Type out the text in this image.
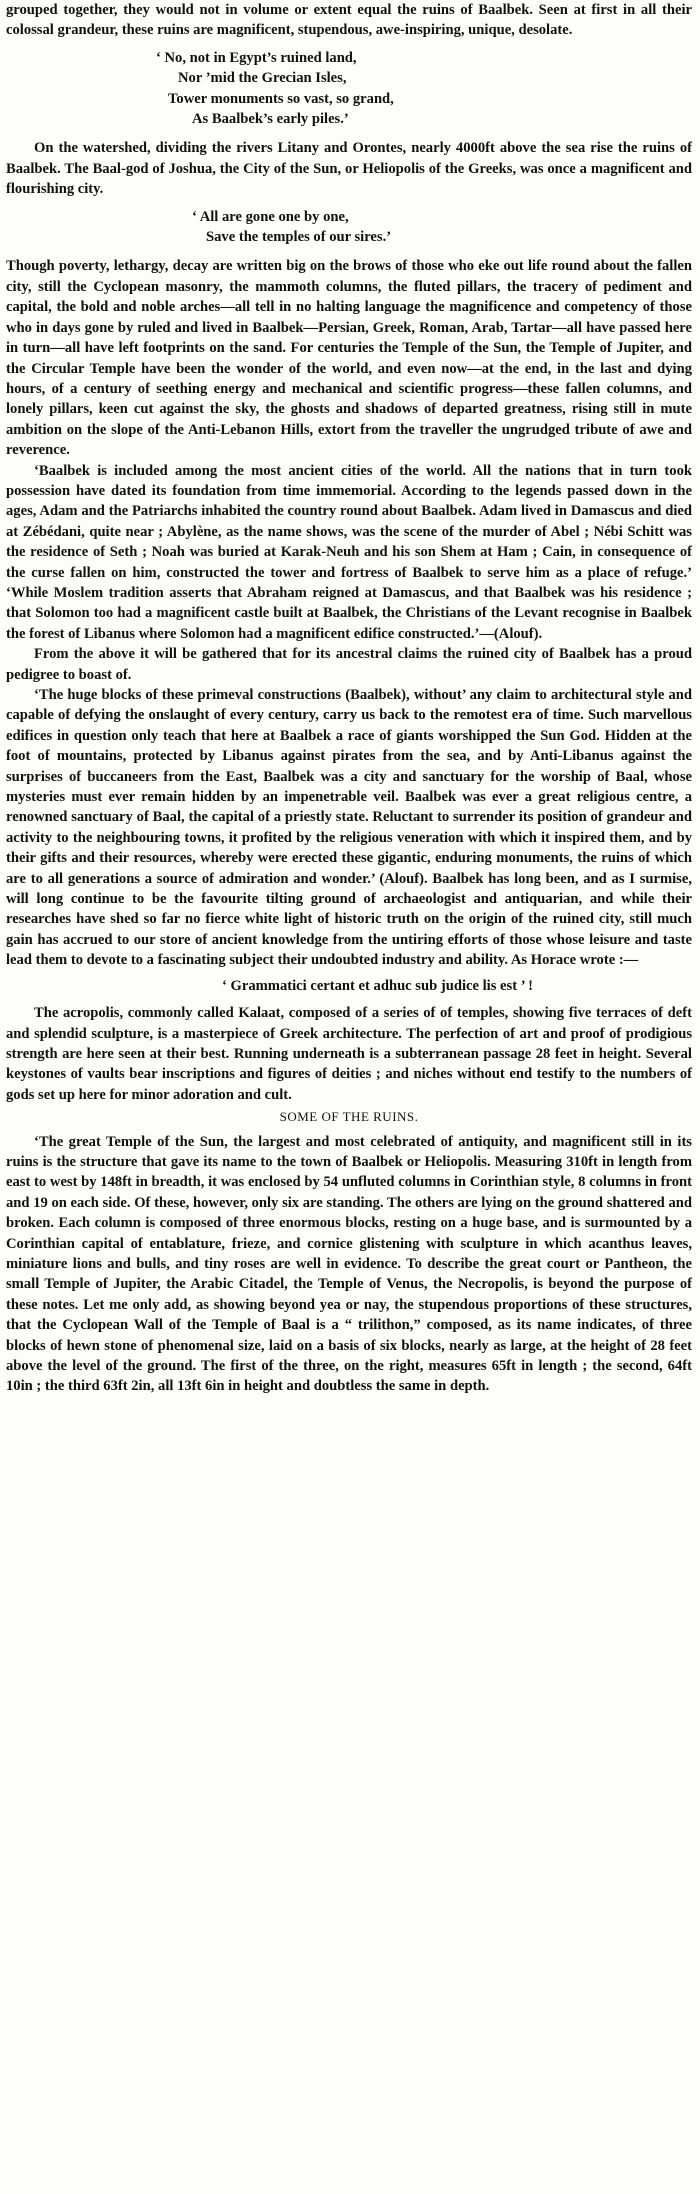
grouped together, they would not in volume or extent equal the ruins of Baalbek. Seen at first in all their colossal grandeur, these ruins are magnificent, stupendous, awe-inspiring, unique, desolate.

‘ No, not in Egypt’s ruined land,
Nor ’mid the Grecian Isles,
Tower monuments so vast, so grand,
As Baalbek’s early piles.’

On the watershed, dividing the rivers Litany and Orontes, nearly 4000ft above the sea rise the ruins of Baalbek. The Baal-god of Joshua, the City of the Sun, or Heliopolis of the Greeks, was once a magnificent and flourishing city.

‘ All are gone one by one,
Save the temples of our sires.’

Though poverty, lethargy, decay are written big on the brows of those who eke out life round about the fallen city, still the Cyclopean masonry, the mammoth columns, the fluted pillars, the tracery of pediment and capital, the bold and noble arches—all tell in no halting language the magnificence and competency of those who in days gone by ruled and lived in Baalbek—Persian, Greek, Roman, Arab, Tartar—all have passed here in turn—all have left footprints on the sand. For centuries the Temple of the Sun, the Temple of Jupiter, and the Circular Temple have been the wonder of the world, and even now—at the end, in the last and dying hours, of a century of seething energy and mechanical and scientific progress—these fallen columns, and lonely pillars, keen cut against the sky, the ghosts and shadows of departed greatness, rising still in mute ambition on the slope of the Anti-Lebanon Hills, extort from the traveller the ungrudged tribute of awe and reverence.

‘Baalbek is included among the most ancient cities of the world. All the nations that in turn took possession have dated its foundation from time immemorial. According to the legends passed down in the ages, Adam and the Patriarchs inhabited the country round about Baalbek. Adam lived in Damascus and died at Zébédani, quite near ; Abylène, as the name shows, was the scene of the murder of Abel ; Nébi Schitt was the residence of Seth ; Noah was buried at Karak-Neuh and his son Shem at Ham ; Cain, in consequence of the curse fallen on him, constructed the tower and fortress of Baalbek to serve him as a place of refuge.’ ‘While Moslem tradition asserts that Abraham reigned at Damascus, and that Baalbek was his residence ; that Solomon too had a magnificent castle built at Baalbek, the Christians of the Levant recognise in Baalbek the forest of Libanus where Solomon had a magnificent edifice constructed.’—(Alouf).

From the above it will be gathered that for its ancestral claims the ruined city of Baalbek has a proud pedigree to boast of.

‘The huge blocks of these primeval constructions (Baalbek), without’ any claim to architectural style and capable of defying the onslaught of every century, carry us back to the remotest era of time. Such marvellous edifices in question only teach that here at Baalbek a race of giants worshipped the Sun God. Hidden at the foot of mountains, protected by Libanus against pirates from the sea, and by Anti-Libanus against the surprises of buccaneers from the East, Baalbek was a city and sanctuary for the worship of Baal, whose mysteries must ever remain hidden by an impenetrable veil. Baalbek was ever a great religious centre, a renowned sanctuary of Baal, the capital of a priestly state. Reluctant to surrender its position of grandeur and activity to the neighbouring towns, it profited by the religious veneration with which it inspired them, and by their gifts and their resources, whereby were erected these gigantic, enduring monuments, the ruins of which are to all generations a source of admiration and wonder.’ (Alouf). Baalbek has long been, and as I surmise, will long continue to be the favourite tilting ground of archaeologist and antiquarian, and while their researches have shed so far no fierce white light of historic truth on the origin of the ruined city, still much gain has accrued to our store of ancient knowledge from the untiring efforts of those whose leisure and taste lead them to devote to a fascinating subject their undoubted industry and ability. As Horace wrote :—

‘ Grammatici certant et adhuc sub judice lis est ’ !

The acropolis, commonly called Kalaat, composed of a series of of temples, showing five terraces of deft and splendid sculpture, is a masterpiece of Greek architecture. The perfection of art and proof of prodigious strength are here seen at their best. Running underneath is a subterranean passage 28 feet in height. Several keystones of vaults bear inscriptions and figures of deities ; and niches without end testify to the numbers of gods set up here for minor adoration and cult.

SOME OF THE RUINS.

‘The great Temple of the Sun, the largest and most celebrated of antiquity, and magnificent still in its ruins is the structure that gave its name to the town of Baalbek or Heliopolis. Measuring 310ft in length from east to west by 148ft in breadth, it was enclosed by 54 unfluted columns in Corinthian style, 8 columns in front and 19 on each side. Of these, however, only six are standing. The others are lying on the ground shattered and broken. Each column is composed of three enormous blocks, resting on a huge base, and is surmounted by a Corinthian capital of entablature, frieze, and cornice glistening with sculpture in which acanthus leaves, miniature lions and bulls, and tiny roses are well in evidence. To describe the great court or Pantheon, the small Temple of Jupiter, the Arabic Citadel, the Temple of Venus, the Necropolis, is beyond the purpose of these notes. Let me only add, as showing beyond yea or nay, the stupendous proportions of these structures, that the Cyclopean Wall of the Temple of Baal is a “ trilithon,” composed, as its name indicates, of three blocks of hewn stone of phenomenal size, laid on a basis of six blocks, nearly as large, at the height of 28 feet above the level of the ground. The first of the three, on the right, measures 65ft in length ; the second, 64ft 10in ; the third 63ft 2in, all 13ft 6in in height and doubtless the same in depth.
